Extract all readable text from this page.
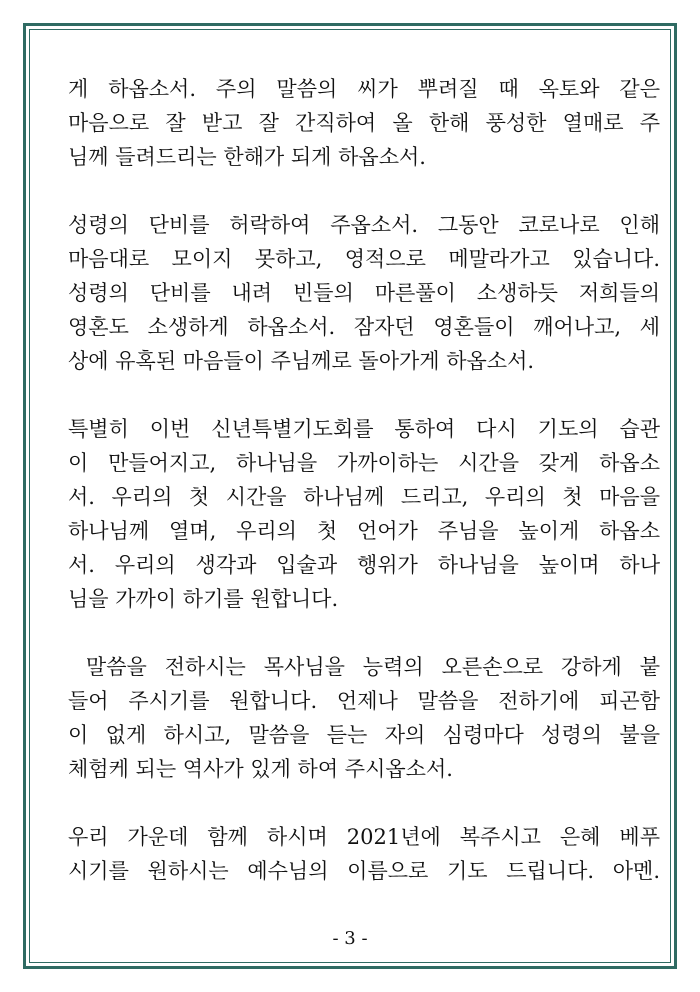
게 하옵소서. 주의 말씀의 씨가 뿌려질 때 옥토와 같은
마음으로 잘 받고 잘 간직하여 올 한해 풍성한 열매로 주
님께 들려드리는 한해가 되게 하옵소서.
성령의 단비를 허락하여 주옵소서. 그동안 코로나로 인해
마음대로 모이지 못하고, 영적으로 메말라가고 있습니다.
성령의 단비를 내려 빈들의 마른풀이 소생하듯 저희들의
영혼도 소생하게 하옵소서. 잠자던 영혼들이 깨어나고, 세
상에 유혹된 마음들이 주님께로 돌아가게 하옵소서.
특별히 이번 신년특별기도회를 통하여 다시 기도의 습관
이 만들어지고, 하나님을 가까이하는 시간을 갖게 하옵소
서. 우리의 첫 시간을 하나님께 드리고, 우리의 첫 마음을
하나님께 열며, 우리의 첫 언어가 주님을 높이게 하옵소
서. 우리의 생각과 입술과 행위가 하나님을 높이며 하나
님을 가까이 하기를 원합니다.
말씀을 전하시는 목사님을 능력의 오른손으로 강하게 붙
들어 주시기를 원합니다. 언제나 말씀을 전하기에 피곤함
이 없게 하시고, 말씀을 듣는 자의 심령마다 성령의 불을
체험케 되는 역사가 있게 하여 주시옵소서.
우리 가운데 함께 하시며 2021년에 복주시고 은혜 베푸
시기를 원하시는 예수님의 이름으로 기도 드립니다. 아멘.
- 3 -
